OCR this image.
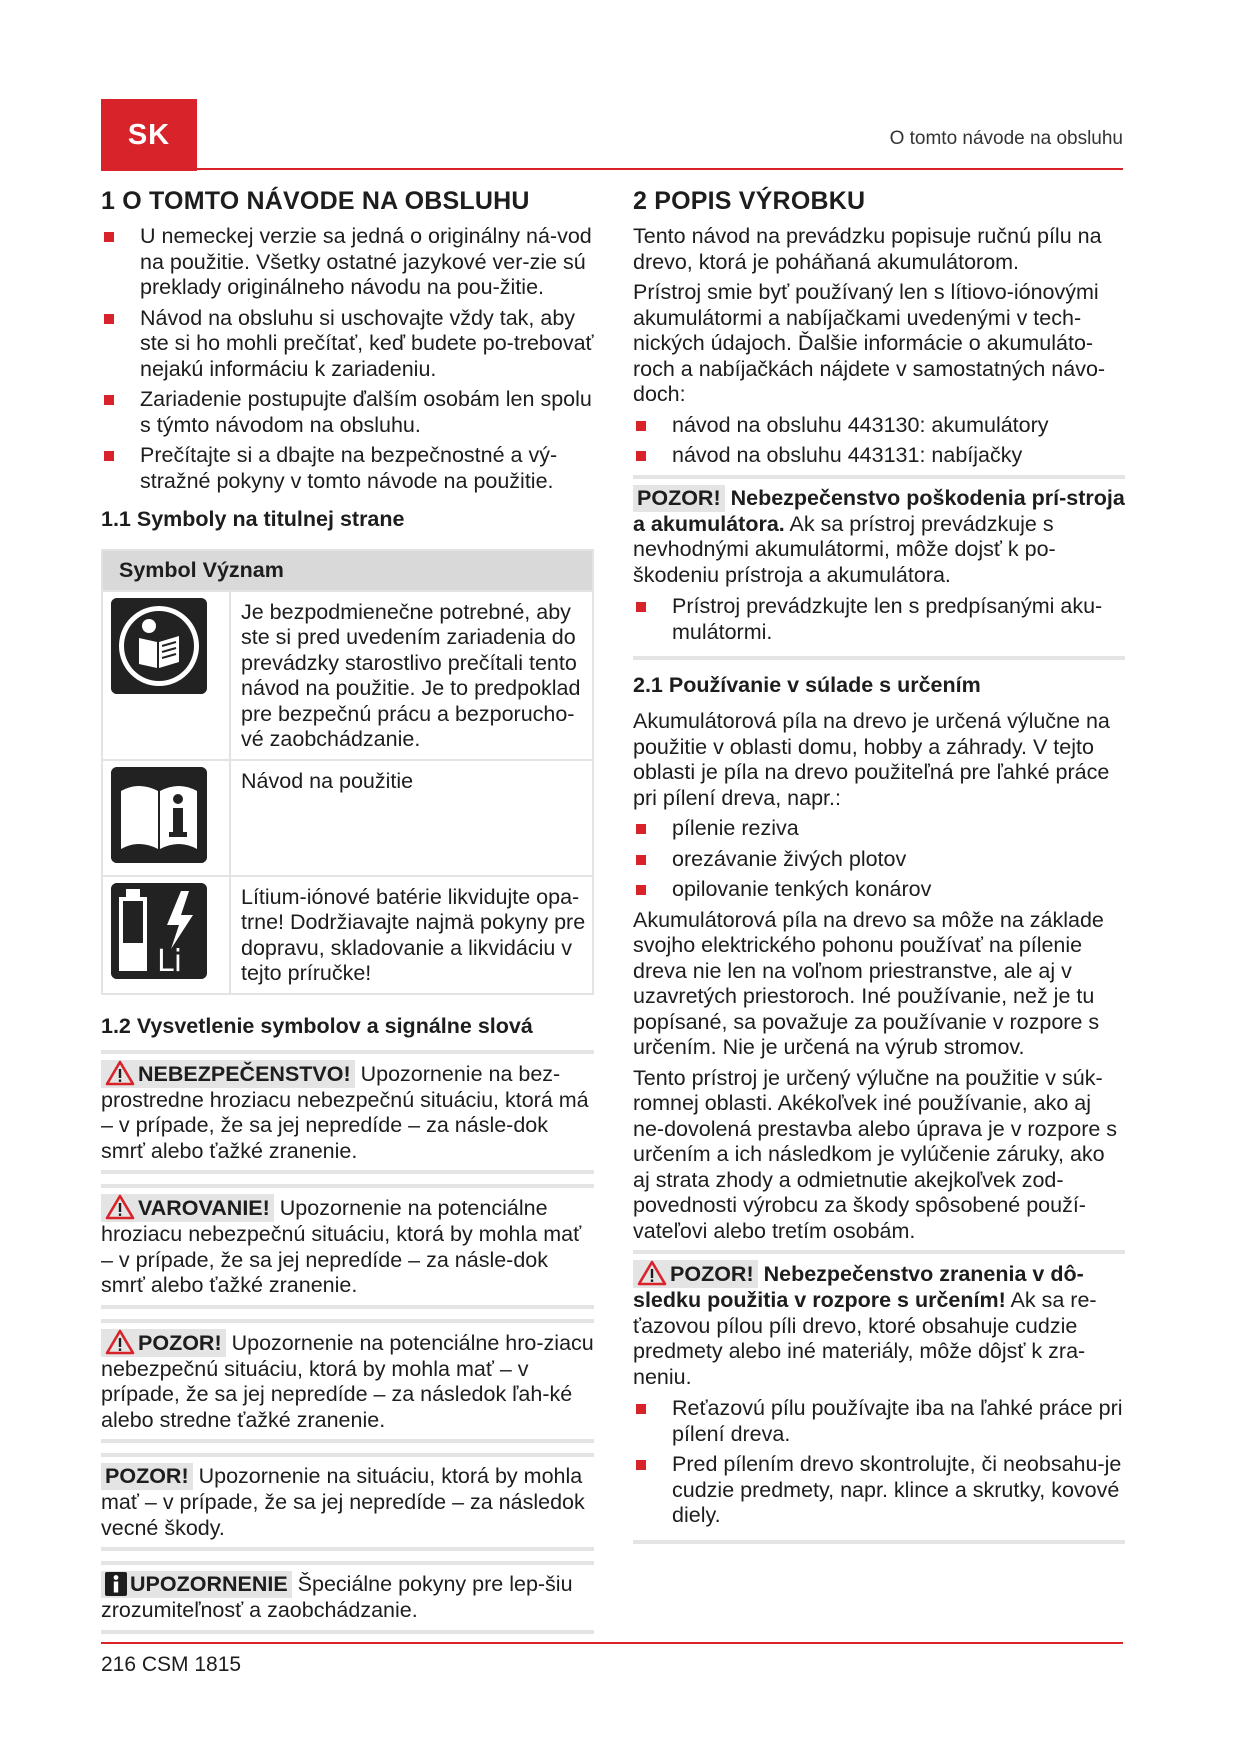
SK	O tomto návode na obsluhu
1 O TOMTO NÁVODE NA OBSLUHU
U nemeckej verzie sa jedná o originálny ná-vod na použitie. Všetky ostatné jazykové ver-zie sú preklady originálneho návodu na pou-žitie.
Návod na obsluhu si uschovajte vždy tak, aby ste si ho mohli prečítať, keď budete po-trebovať nejakú informáciu k zariadeniu.
Zariadenie postupujte ďalším osobám len spolu s týmto návodom na obsluhu.
Prečítajte si a dbajte na bezpečnostné a vý-stražné pokyny v tomto návode na použitie.
1.1 Symboly na titulnej strane
Symbol Význam	

	Je bezpodmienečne potrebné, aby ste si pred uvedením zariadenia do prevádzky starostlivo prečítali tento návod na použitie. Je to predpoklad pre bezpečnú prácu a bezporucho-vé zaobchádzanie.

	Návod na použitie

Li	Lítium-iónové batérie likvidujte opa-trne! Dodržiavajte najmä pokyny pre dopravu, skladovanie a likvidáciu v tejto príručke!
1.2 Vysvetlenie symbolov a signálne slová
NEBEZPEČENSTVO! Upozornenie na bez-prostredne hroziacu nebezpečnú situáciu, ktorá má – v prípade, že sa jej nepredíde – za násle-dok smrť alebo ťažké zranenie.
VAROVANIE! Upozornenie na potenciálne hroziacu nebezpečnú situáciu, ktorá by mohla mať – v prípade, že sa jej nepredíde – za násle-dok smrť alebo ťažké zranenie.
POZOR! Upozornenie na potenciálne hro-ziacu nebezpečnú situáciu, ktorá by mohla mať – v prípade, že sa jej nepredíde – za následok ľah-ké alebo stredne ťažké zranenie.
POZOR! Upozornenie na situáciu, ktorá by mohla mať – v prípade, že sa jej nepredíde – za následok vecné škody.
UPOZORNENIE Špeciálne pokyny pre lep-šiu zrozumiteľnosť a zaobchádzanie.
2 POPIS VÝROBKU

Tento návod na prevádzku popisuje ručnú pílu na drevo, ktorá je poháňaná akumulátorom.

Prístroj smie byť používaný len s lítiovo-iónovými akumulátormi a nabíjačkami uvedenými v tech-nických údajoch. Ďalšie informácie o akumuláto-roch a nabíjačkách nájdete v samostatných návo-doch:

návod na obsluhu 443130: akumulátory
návod na obsluhu 443131: nabíjačky
POZOR! Nebezpečenstvo poškodenia prí-stroja a akumulátora. Ak sa prístroj prevádzkuje s nevhodnými akumulátormi, môže dojsť k po-škodeniu prístroja a akumulátora.
Prístroj prevádzkujte len s predpísanými aku-mulátormi.
2.1 Používanie v súlade s určením

Akumulátorová píla na drevo je určená výlučne na použitie v oblasti domu, hobby a záhrady. V tejto oblasti je píla na drevo použiteľná pre ľahké práce pri pílení dreva, napr.:

pílenie reziva
orezávanie živých plotov
opilovanie tenkých konárov

Akumulátorová píla na drevo sa môže na základe svojho elektrického pohonu používať na pílenie dreva nie len na voľnom priestranstve, ale aj v uzavretých priestoroch. Iné používanie, než je tu popísané, sa považuje za používanie v rozpore s určením. Nie je určená na výrub stromov.

Tento prístroj je určený výlučne na použitie v súk-romnej oblasti. Akékoľvek iné používanie, ako aj ne-dovolená prestavba alebo úprava je v rozpore s určením a ich následkom je vylúčenie záruky, ako aj strata zhody a odmietnutie akejkoľvek zod-povednosti výrobcu za škody spôsobené použí-vateľovi alebo tretím osobám.

POZOR! Nebezpečenstvo zranenia v dô-sledku použitia v rozpore s určením! Ak sa re-ťazovou pílou píli drevo, ktoré obsahuje cudzie predmety alebo iné materiály, môže dôjsť k zra-neniu.
Reťazovú pílu používajte iba na ľahké práce pri pílení dreva.
Pred pílením drevo skontrolujte, či neobsahu-je cudzie predmety, napr. klince a skrutky, kovové diely.
216 CSM 1815
